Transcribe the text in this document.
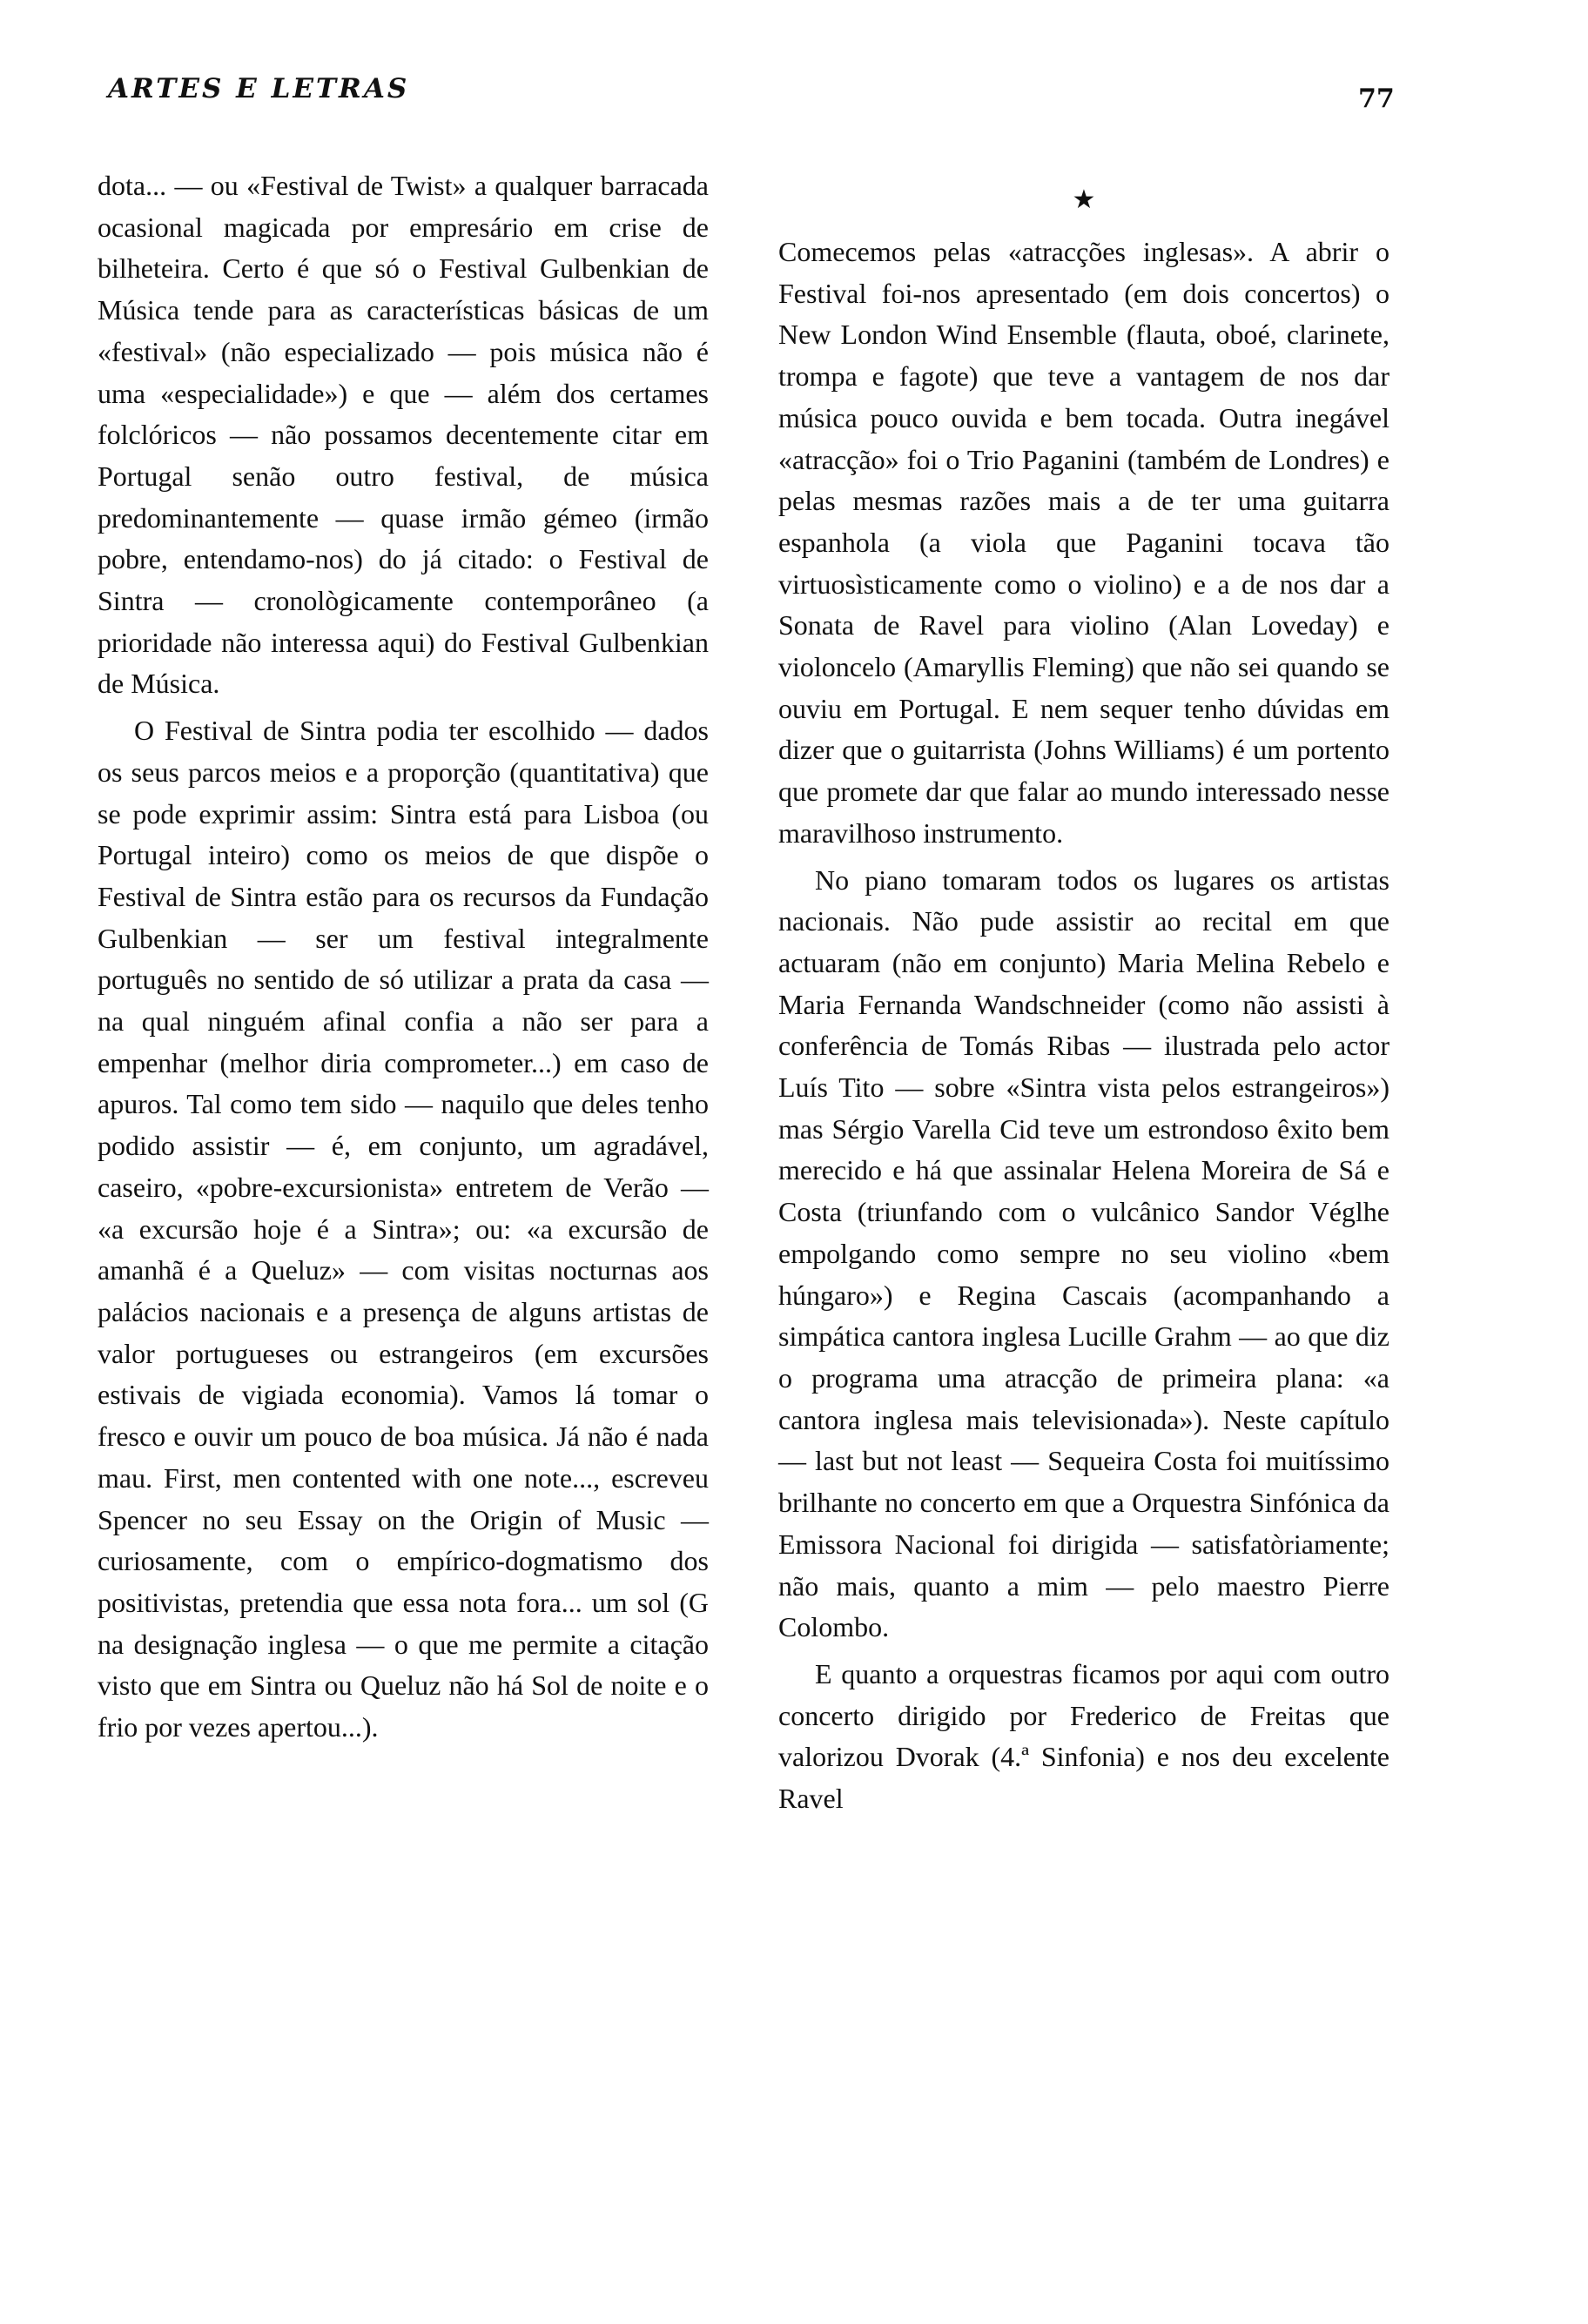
ARTES E LETRAS	77

dota... — ou «Festival de Twist» a qualquer barracada ocasional magicada por empresário em crise de bilheteira. Certo é que só o Festival Gulbenkian de Música tende para as características básicas de um «festival» (não especializado — pois música não é uma «especialidade») e que — além dos certames folclóricos — não possamos decentemente citar em Portugal senão outro festival, de música predominantemente — quase irmão gémeo (irmão pobre, entendamo-nos) do já citado: o Festival de Sintra — cronològicamente contemporâneo (a prioridade não interessa aqui) do Festival Gulbenkian de Música.

O Festival de Sintra podia ter escolhido — dados os seus parcos meios e a proporção (quantitativa) que se pode exprimir assim: Sintra está para Lisboa (ou Portugal inteiro) como os meios de que dispõe o Festival de Sintra estão para os recursos da Fundação Gulbenkian — ser um festival integralmente português no sentido de só utilizar a prata da casa — na qual ninguém afinal confia a não ser para a empenhar (melhor diria comprometer...) em caso de apuros. Tal como tem sido — naquilo que deles tenho podido assistir — é, em conjunto, um agradável, caseiro, «pobre-excursionista» entretem de Verão — «a excursão hoje é a Sintra»; ou: «a excursão de amanhã é a Queluz» — com visitas nocturnas aos palácios nacionais e a presença de alguns artistas de valor portugueses ou estrangeiros (em excursões estivais de vigiada economia). Vamos lá tomar o fresco e ouvir um pouco de boa música. Já não é nada mau. First, men contented with one note..., escreveu Spencer no seu Essay on the Origin of Music — curiosamente, com o empírico-dogmatismo dos positivistas, pretendia que essa nota fora... um sol (G na designação inglesa — o que me permite a citação visto que em Sintra ou Queluz não há Sol de noite e o frio por vezes apertou...).

★

Comecemos pelas «atracções inglesas». A abrir o Festival foi-nos apresentado (em dois concertos) o New London Wind Ensemble (flauta, oboé, clarinete, trompa e fagote) que teve a vantagem de nos dar música pouco ouvida e bem tocada. Outra inegável «atracção» foi o Trio Paganini (também de Londres) e pelas mesmas razões mais a de ter uma guitarra espanhola (a viola que Paganini tocava tão virtuosìsticamente como o violino) e a de nos dar a Sonata de Ravel para violino (Alan Loveday) e violoncelo (Amaryllis Fleming) que não sei quando se ouviu em Portugal. E nem sequer tenho dúvidas em dizer que o guitarrista (Johns Williams) é um portento que promete dar que falar ao mundo interessado nesse maravilhoso instrumento.

No piano tomaram todos os lugares os artistas nacionais. Não pude assistir ao recital em que actuaram (não em conjunto) Maria Melina Rebelo e Maria Fernanda Wandschneider (como não assisti à conferência de Tomás Ribas — ilustrada pelo actor Luís Tito — sobre «Sintra vista pelos estrangeiros») mas Sérgio Varella Cid teve um estrondoso êxito bem merecido e há que assinalar Helena Moreira de Sá e Costa (triunfando com o vulcânico Sandor Véglhe empolgando como sempre no seu violino «bem húngaro») e Regina Cascais (acompanhando a simpática cantora inglesa Lucille Grahm — ao que diz o programa uma atracção de primeira plana: «a cantora inglesa mais televisionada»). Neste capítulo — last but not least — Sequeira Costa foi muitíssimo brilhante no concerto em que a Orquestra Sinfónica da Emissora Nacional foi dirigida — satisfatòriamente; não mais, quanto a mim — pelo maestro Pierre Colombo.

E quanto a orquestras ficamos por aqui com outro concerto dirigido por Frederico de Freitas que valorizou Dvorak (4.ª Sinfonia) e nos deu excelente Ravel
